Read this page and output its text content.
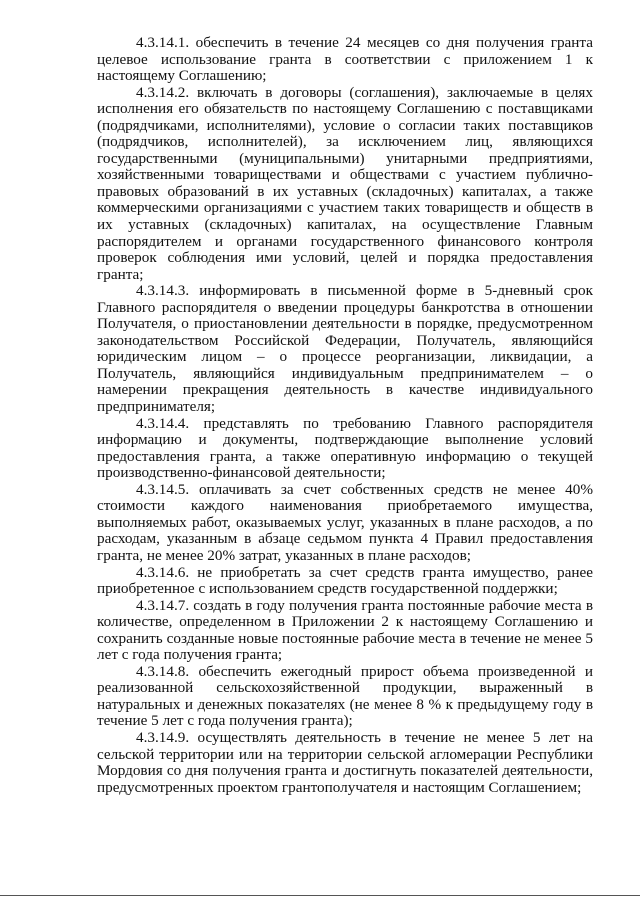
4.3.14.1. обеспечить в течение 24 месяцев со дня получения гранта целевое использование гранта в соответствии с приложением 1 к настоящему Соглашению;

4.3.14.2. включать в договоры (соглашения), заключаемые в целях исполнения его обязательств по настоящему Соглашению с поставщиками (подрядчиками, исполнителями), условие о согласии таких поставщиков (подрядчиков, исполнителей), за исключением лиц, являющихся государственными (муниципальными) унитарными предприятиями, хозяйственными товариществами и обществами с участием публично-правовых образований в их уставных (складочных) капиталах, а также коммерческими организациями с участием таких товариществ и обществ в их уставных (складочных) капиталах, на осуществление Главным распорядителем и органами государственного финансового контроля проверок соблюдения ими условий, целей и порядка предоставления гранта;

4.3.14.3. информировать в письменной форме в 5-дневный срок Главного распорядителя о введении процедуры банкротства в отношении Получателя, о приостановлении деятельности в порядке, предусмотренном законодательством Российской Федерации, Получатель, являющийся юридическим лицом – о процессе реорганизации, ликвидации, а Получатель, являющийся индивидуальным предпринимателем – о намерении прекращения деятельность в качестве индивидуального предпринимателя;

4.3.14.4. представлять по требованию Главного распорядителя информацию и документы, подтверждающие выполнение условий предоставления гранта, а также оперативную информацию о текущей производственно-финансовой деятельности;

4.3.14.5. оплачивать за счет собственных средств не менее 40% стоимости каждого наименования приобретаемого имущества, выполняемых работ, оказываемых услуг, указанных в плане расходов, а по расходам, указанным в абзаце седьмом пункта 4 Правил предоставления гранта, не менее 20% затрат, указанных в плане расходов;

4.3.14.6. не приобретать за счет средств гранта имущество, ранее приобретенное с использованием средств государственной поддержки;

4.3.14.7. создать в году получения гранта постоянные рабочие места в количестве, определенном в Приложении 2 к настоящему Соглашению и сохранить созданные новые постоянные рабочие места в течение не менее 5 лет с года получения гранта;

4.3.14.8. обеспечить ежегодный прирост объема произведенной и реализованной сельскохозяйственной продукции, выраженный в натуральных и денежных показателях (не менее 8 % к предыдущему году в течение 5 лет с года получения гранта);

4.3.14.9. осуществлять деятельность в течение не менее 5 лет на сельской территории или на территории сельской агломерации Республики Мордовия со дня получения гранта и достигнуть показателей деятельности, предусмотренных проектом грантополучателя и настоящим Соглашением;
